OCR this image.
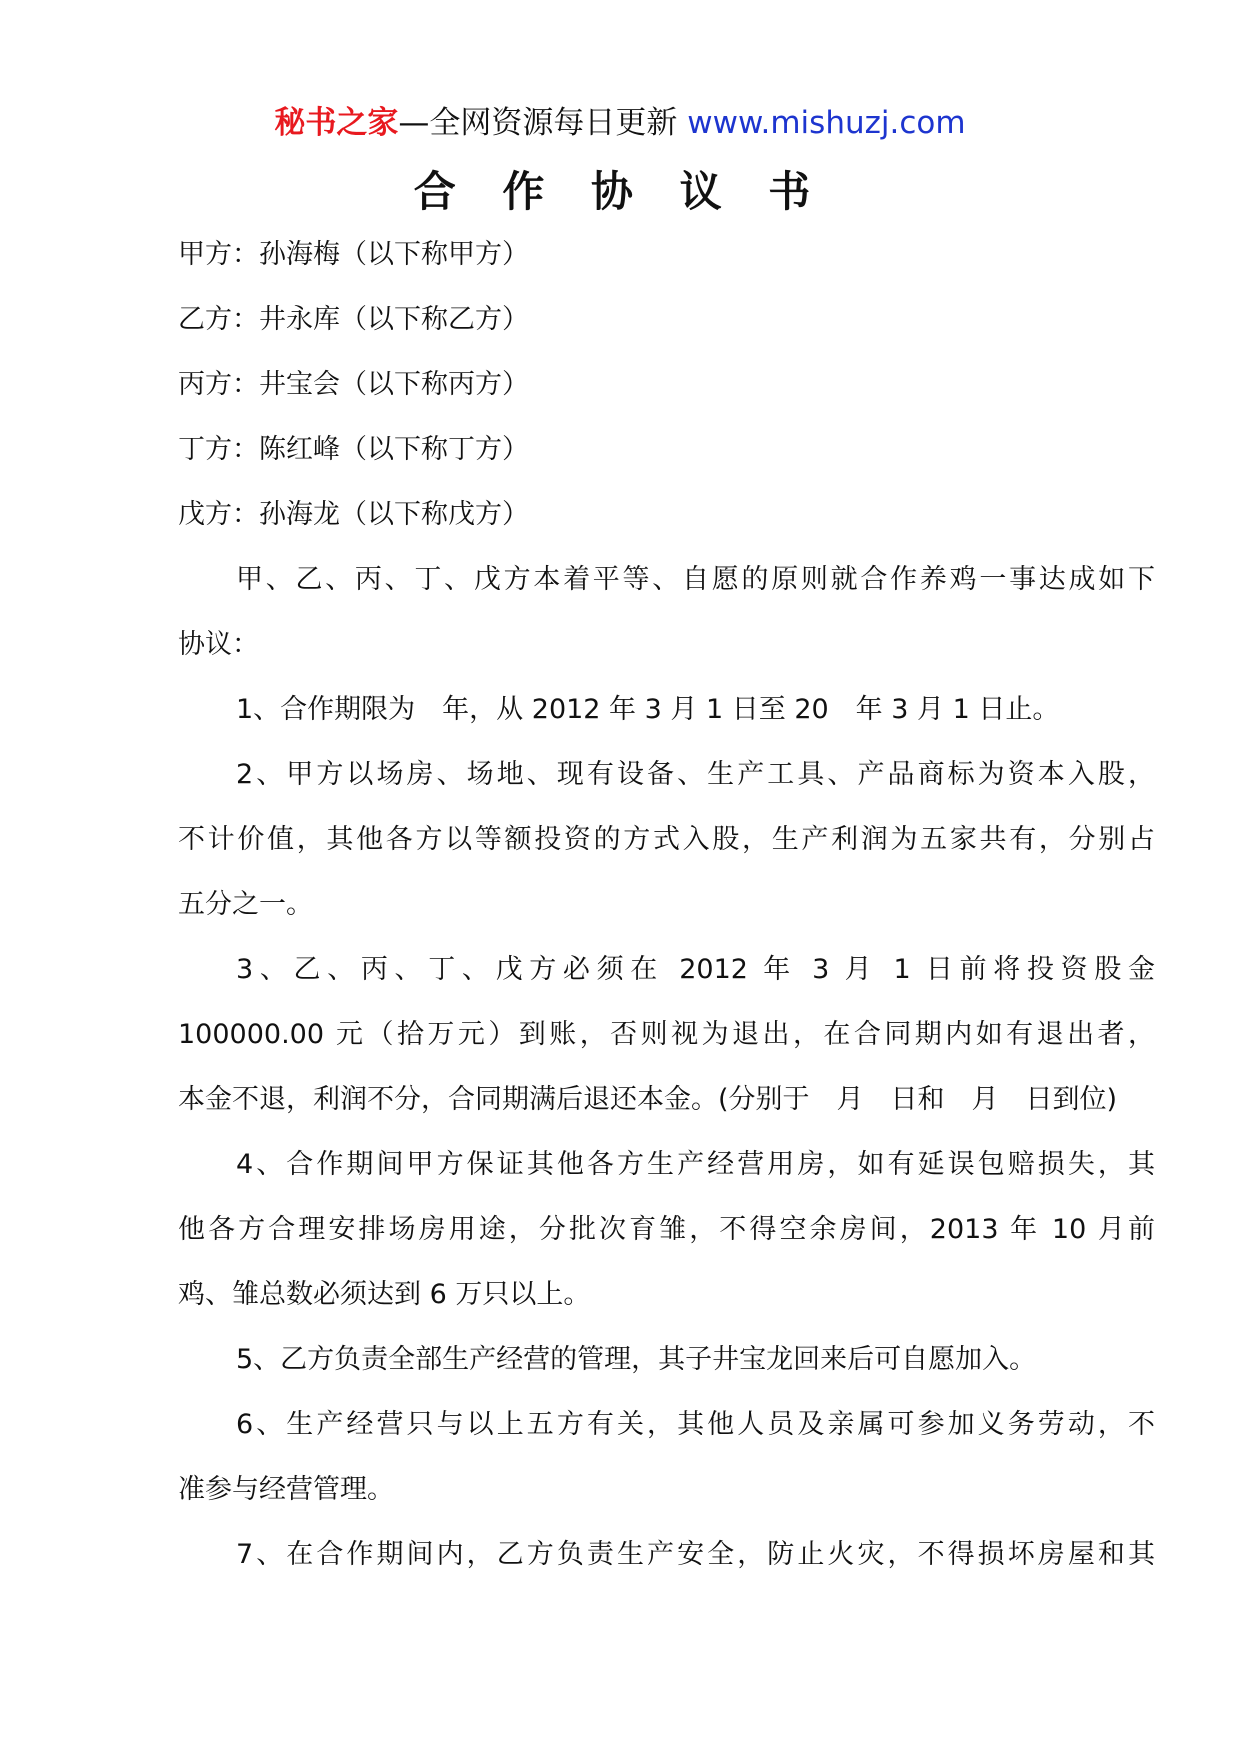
秘书之家—全网资源每日更新 www.mishuzj.com
合 作 协 议 书

甲方：孙海梅（以下称甲方）

乙方：井永库（以下称乙方）

丙方：井宝会（以下称丙方）

丁方：陈红峰（以下称丁方）

戊方：孙海龙（以下称戊方）

甲、乙、丙、丁、戊方本着平等、自愿的原则就合作养鸡一事达成如下
协议：

1、合作期限为　年，从 2012 年 3 月 1 日至 20　年 3 月 1 日止。

2、甲方以场房、场地、现有设备、生产工具、产品商标为资本入股，
不计价值，其他各方以等额投资的方式入股，生产利润为五家共有，分别占
五分之一。

3、乙、丙、丁、戊方必须在 2012 年 3 月 1 日前将投资股金
100000.00 元（拾万元）到账，否则视为退出，在合同期内如有退出者，
本金不退，利润不分，合同期满后退还本金。(分别于　月　日和　月　日到位)

4、合作期间甲方保证其他各方生产经营用房，如有延误包赔损失，其
他各方合理安排场房用途，分批次育雏，不得空余房间，2013 年 10 月前
鸡、雏总数必须达到 6 万只以上。

5、乙方负责全部生产经营的管理，其子井宝龙回来后可自愿加入。

6、生产经营只与以上五方有关，其他人员及亲属可参加义务劳动，不
准参与经营管理。

7、在合作期间内，乙方负责生产安全，防止火灾，不得损坏房屋和其
